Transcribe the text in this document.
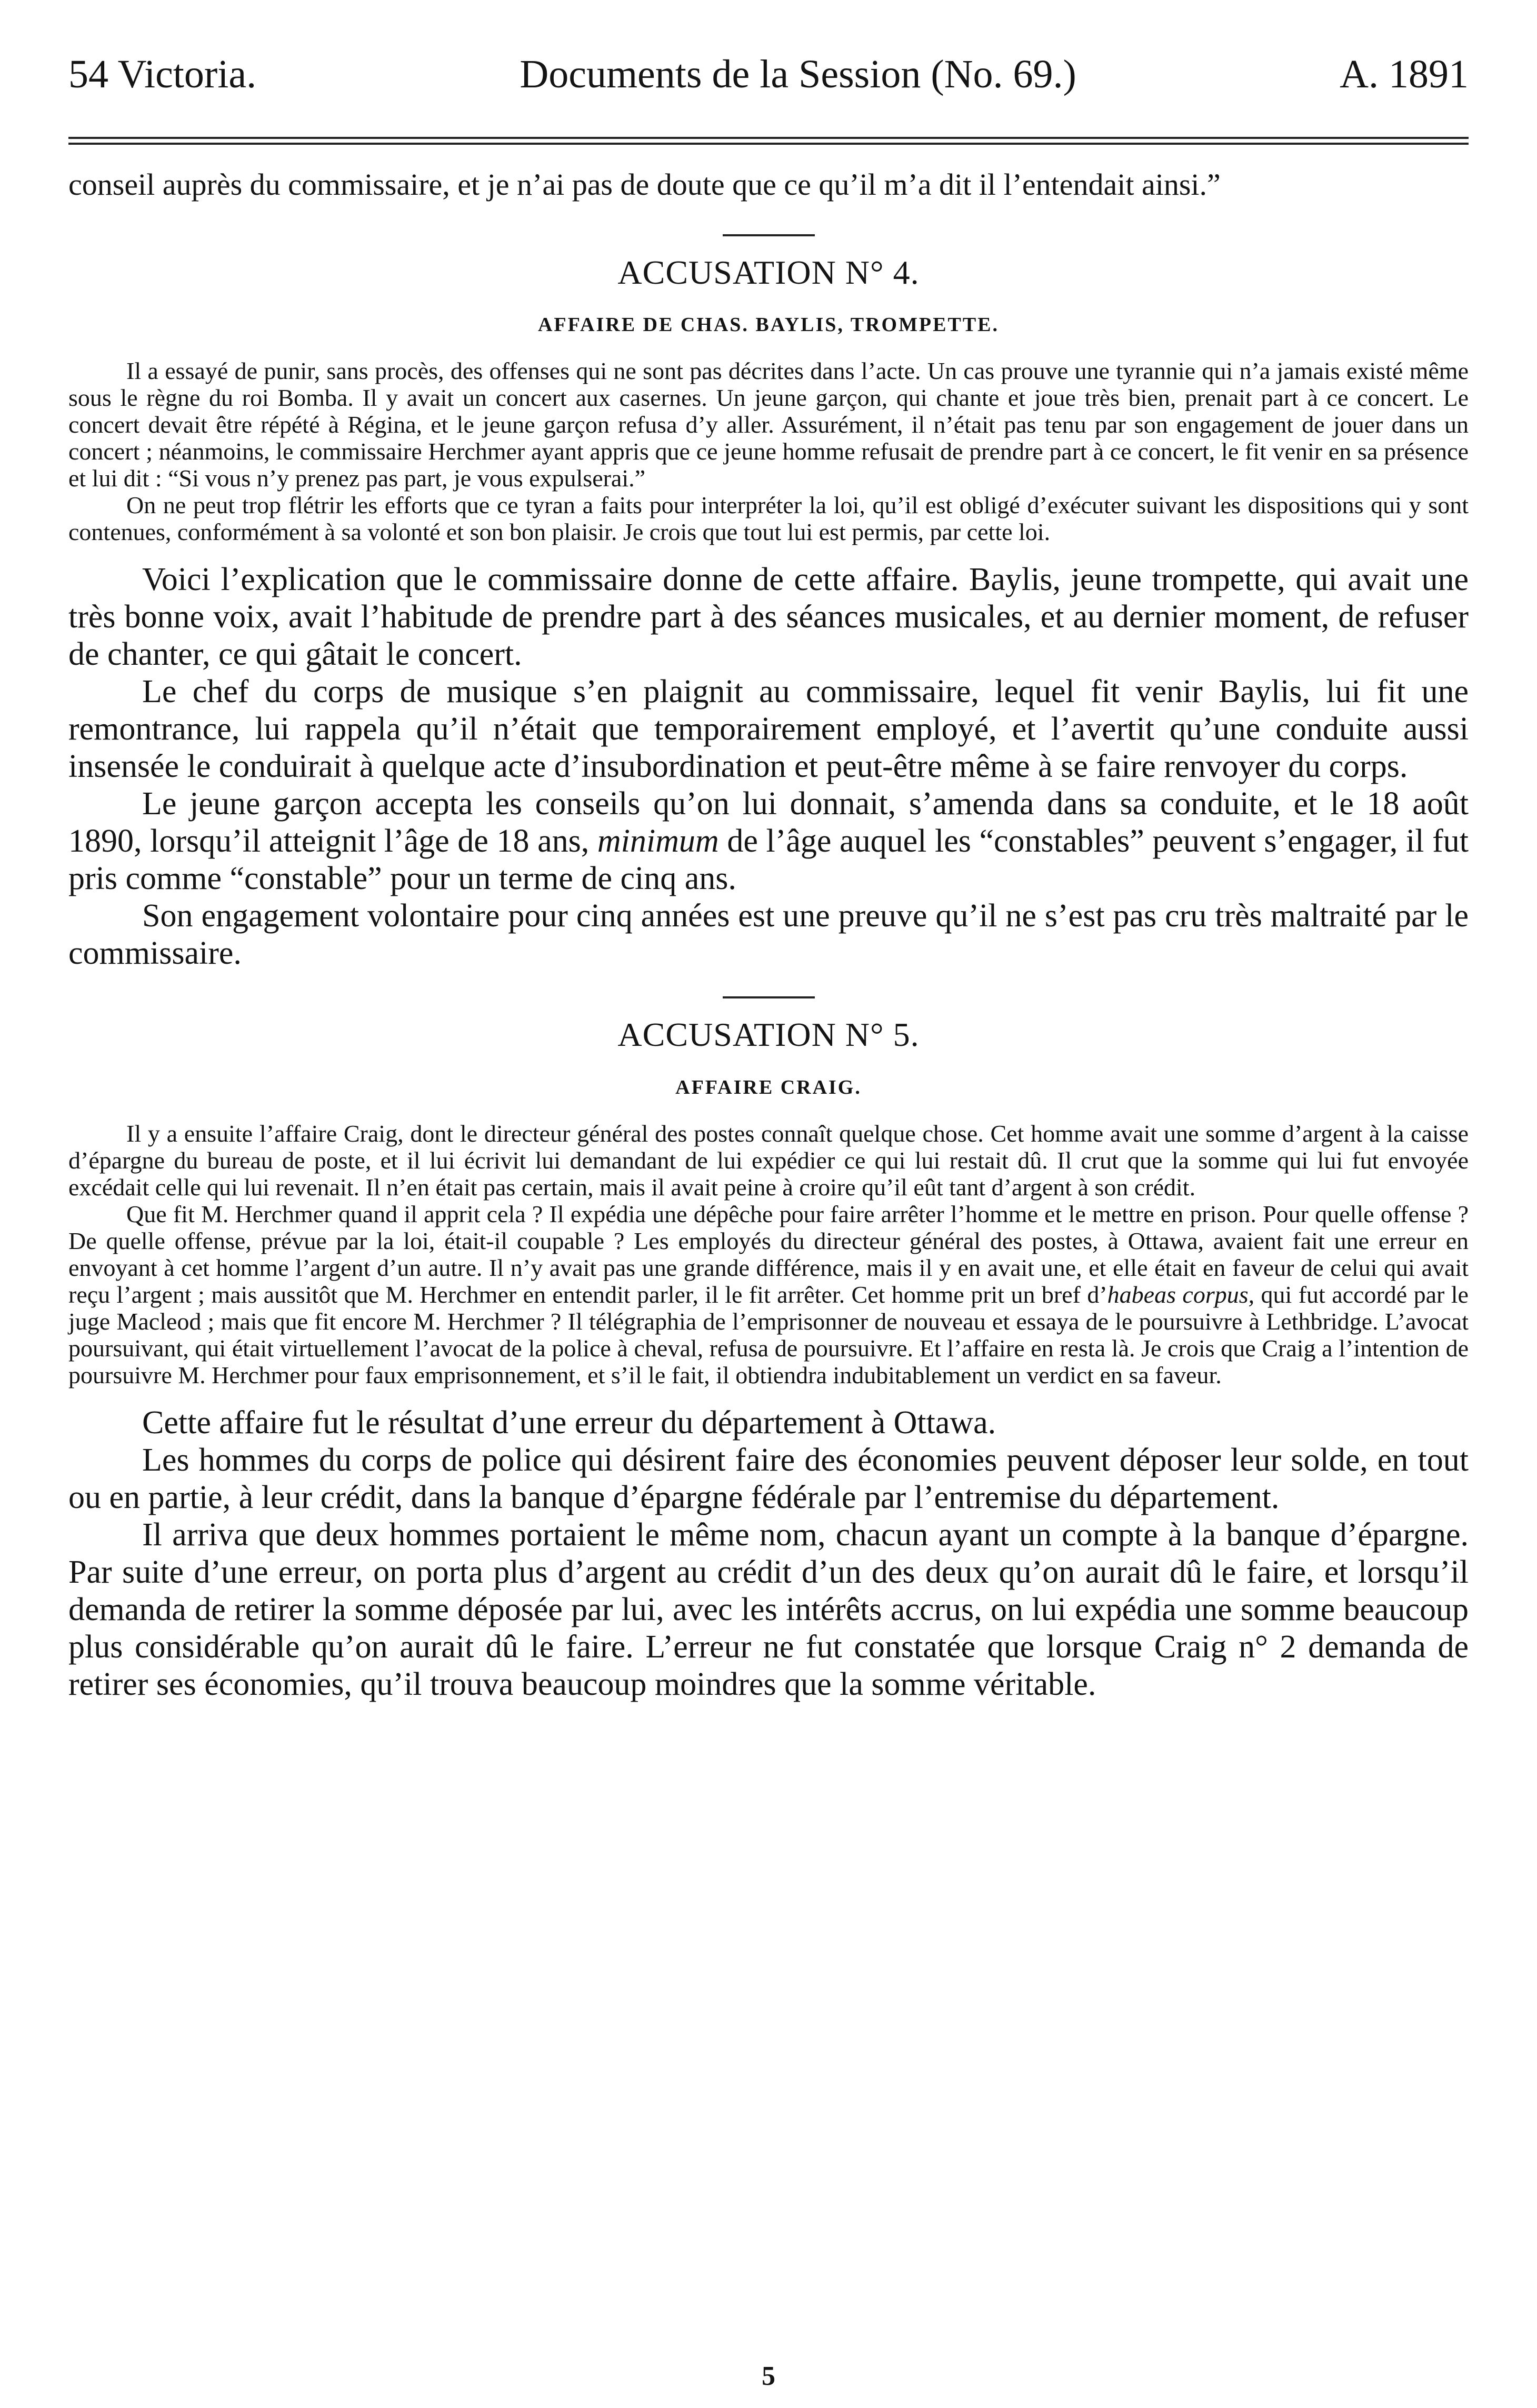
54 Victoria.	Documents de la Session (No. 69.)	A. 1891

conseil auprès du commissaire, et je n’ai pas de doute que ce qu’il m’a dit il l’entendait ainsi.”

ACCUSATION N° 4.
AFFAIRE DE CHAS. BAYLIS, TROMPETTE.

Il a essayé de punir, sans procès, des offenses qui ne sont pas décrites dans l’acte. Un cas prouve une tyrannie qui n’a jamais existé même sous le règne du roi Bomba. Il y avait un concert aux casernes. Un jeune garçon, qui chante et joue très bien, prenait part à ce concert. Le concert devait être répété à Régina, et le jeune garçon refusa d’y aller. Assurément, il n’était pas tenu par son engagement de jouer dans un concert ; néanmoins, le commissaire Herchmer ayant appris que ce jeune homme refusait de prendre part à ce concert, le fit venir en sa présence et lui dit : “Si vous n’y prenez pas part, je vous expulserai.”

On ne peut trop flétrir les efforts que ce tyran a faits pour interpréter la loi, qu’il est obligé d’exécuter suivant les dispositions qui y sont contenues, conformément à sa volonté et son bon plaisir. Je crois que tout lui est permis, par cette loi.

Voici l’explication que le commissaire donne de cette affaire. Baylis, jeune trompette, qui avait une très bonne voix, avait l’habitude de prendre part à des séances musicales, et au dernier moment, de refuser de chanter, ce qui gâtait le concert.

Le chef du corps de musique s’en plaignit au commissaire, lequel fit venir Baylis, lui fit une remontrance, lui rappela qu’il n’était que temporairement employé, et l’avertit qu’une conduite aussi insensée le conduirait à quelque acte d’insubordination et peut-être même à se faire renvoyer du corps.

Le jeune garçon accepta les conseils qu’on lui donnait, s’amenda dans sa conduite, et le 18 août 1890, lorsqu’il atteignit l’âge de 18 ans, minimum de l’âge auquel les “constables” peuvent s’engager, il fut pris comme “constable” pour un terme de cinq ans.

Son engagement volontaire pour cinq années est une preuve qu’il ne s’est pas cru très maltraité par le commissaire.

ACCUSATION N° 5.
AFFAIRE CRAIG.

Il y a ensuite l’affaire Craig, dont le directeur général des postes connaît quelque chose. Cet homme avait une somme d’argent à la caisse d’épargne du bureau de poste, et il lui écrivit lui demandant de lui expédier ce qui lui restait dû. Il crut que la somme qui lui fut envoyée excédait celle qui lui revenait. Il n’en était pas certain, mais il avait peine à croire qu’il eût tant d’argent à son crédit.

Que fit M. Herchmer quand il apprit cela ? Il expédia une dépêche pour faire arrêter l’homme et le mettre en prison. Pour quelle offense ? De quelle offense, prévue par la loi, était-il coupable ? Les employés du directeur général des postes, à Ottawa, avaient fait une erreur en envoyant à cet homme l’argent d’un autre. Il n’y avait pas une grande différence, mais il y en avait une, et elle était en faveur de celui qui avait reçu l’argent ; mais aussitôt que M. Herchmer en entendit parler, il le fit arrêter. Cet homme prit un bref d’habeas corpus, qui fut accordé par le juge Macleod ; mais que fit encore M. Herchmer ? Il télégraphia de l’emprisonner de nouveau et essaya de le poursuivre à Lethbridge. L’avocat poursuivant, qui était virtuellement l’avocat de la police à cheval, refusa de poursuivre. Et l’affaire en resta là. Je crois que Craig a l’intention de poursuivre M. Herchmer pour faux emprisonnement, et s’il le fait, il obtiendra indubitablement un verdict en sa faveur.

Cette affaire fut le résultat d’une erreur du département à Ottawa.

Les hommes du corps de police qui désirent faire des économies peuvent déposer leur solde, en tout ou en partie, à leur crédit, dans la banque d’épargne fédérale par l’entremise du département.

Il arriva que deux hommes portaient le même nom, chacun ayant un compte à la banque d’épargne. Par suite d’une erreur, on porta plus d’argent au crédit d’un des deux qu’on aurait dû le faire, et lorsqu’il demanda de retirer la somme déposée par lui, avec les intérêts accrus, on lui expédia une somme beaucoup plus considérable qu’on aurait dû le faire. L’erreur ne fut constatée que lorsque Craig n° 2 demanda de retirer ses économies, qu’il trouva beaucoup moindres que la somme véritable.

5
